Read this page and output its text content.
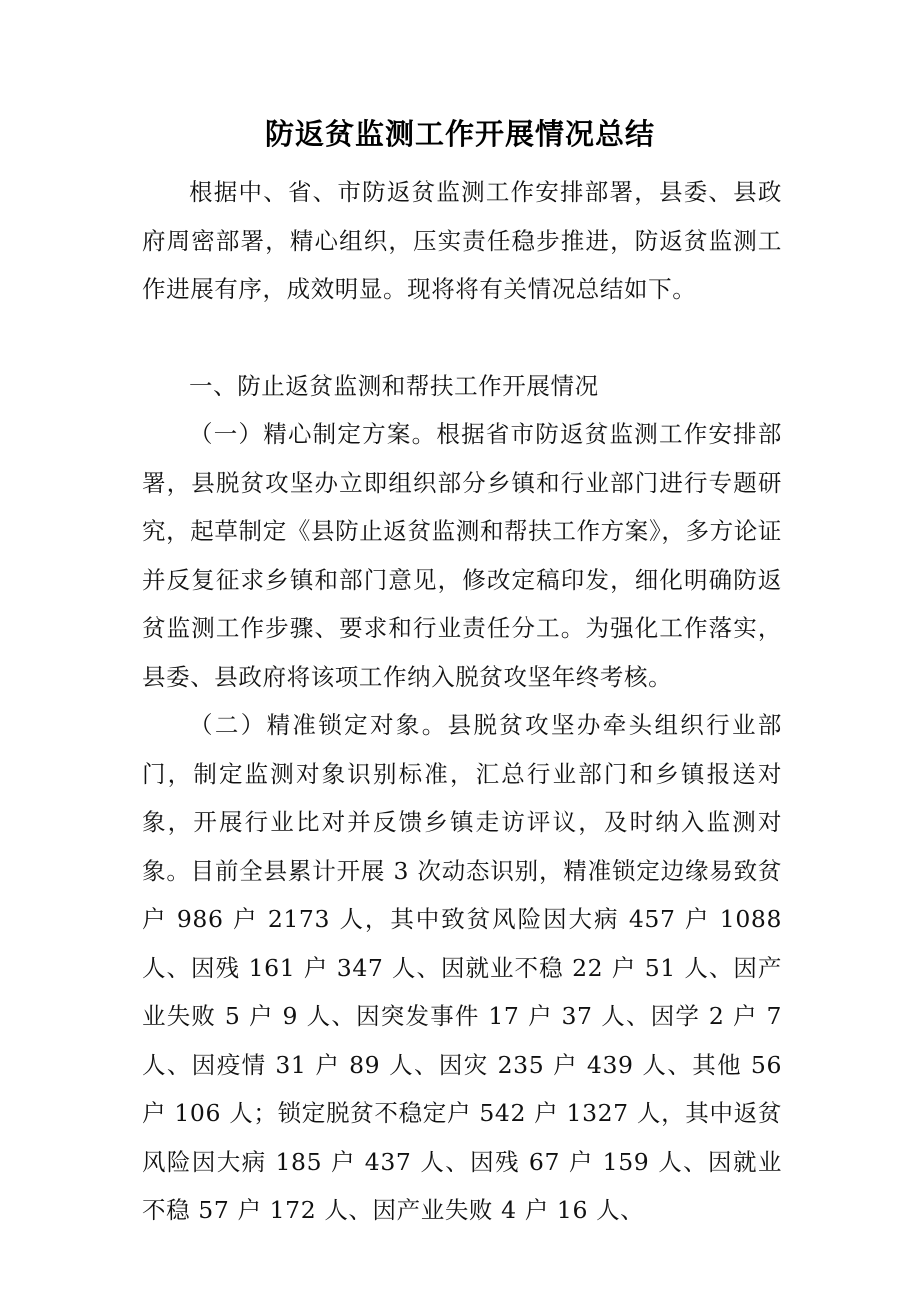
防返贫监测工作开展情况总结

根据中、省、市防返贫监测工作安排部署，县委、县政府周密部署，精心组织，压实责任稳步推进，防返贫监测工作进展有序，成效明显。现将将有关情况总结如下。

一、防止返贫监测和帮扶工作开展情况

（一）精心制定方案。根据省市防返贫监测工作安排部署，县脱贫攻坚办立即组织部分乡镇和行业部门进行专题研究，起草制定《县防止返贫监测和帮扶工作方案》，多方论证并反复征求乡镇和部门意见，修改定稿印发，细化明确防返贫监测工作步骤、要求和行业责任分工。为强化工作落实，县委、县政府将该项工作纳入脱贫攻坚年终考核。

（二）精准锁定对象。县脱贫攻坚办牵头组织行业部门，制定监测对象识别标准，汇总行业部门和乡镇报送对象，开展行业比对并反馈乡镇走访评议，及时纳入监测对象。目前全县累计开展 3 次动态识别，精准锁定边缘易致贫户 986 户 2173 人，其中致贫风险因大病 457 户 1088 人、因残 161 户 347 人、因就业不稳 22 户 51 人、因产业失败 5 户 9 人、因突发事件 17 户 37 人、因学 2 户 7 人、因疫情 31 户 89 人、因灾 235 户 439 人、其他 56 户 106 人；锁定脱贫不稳定户 542 户 1327 人，其中返贫风险因大病 185 户 437 人、因残 67 户 159 人、因就业不稳 57 户 172 人、因产业失败 4 户 16 人、
